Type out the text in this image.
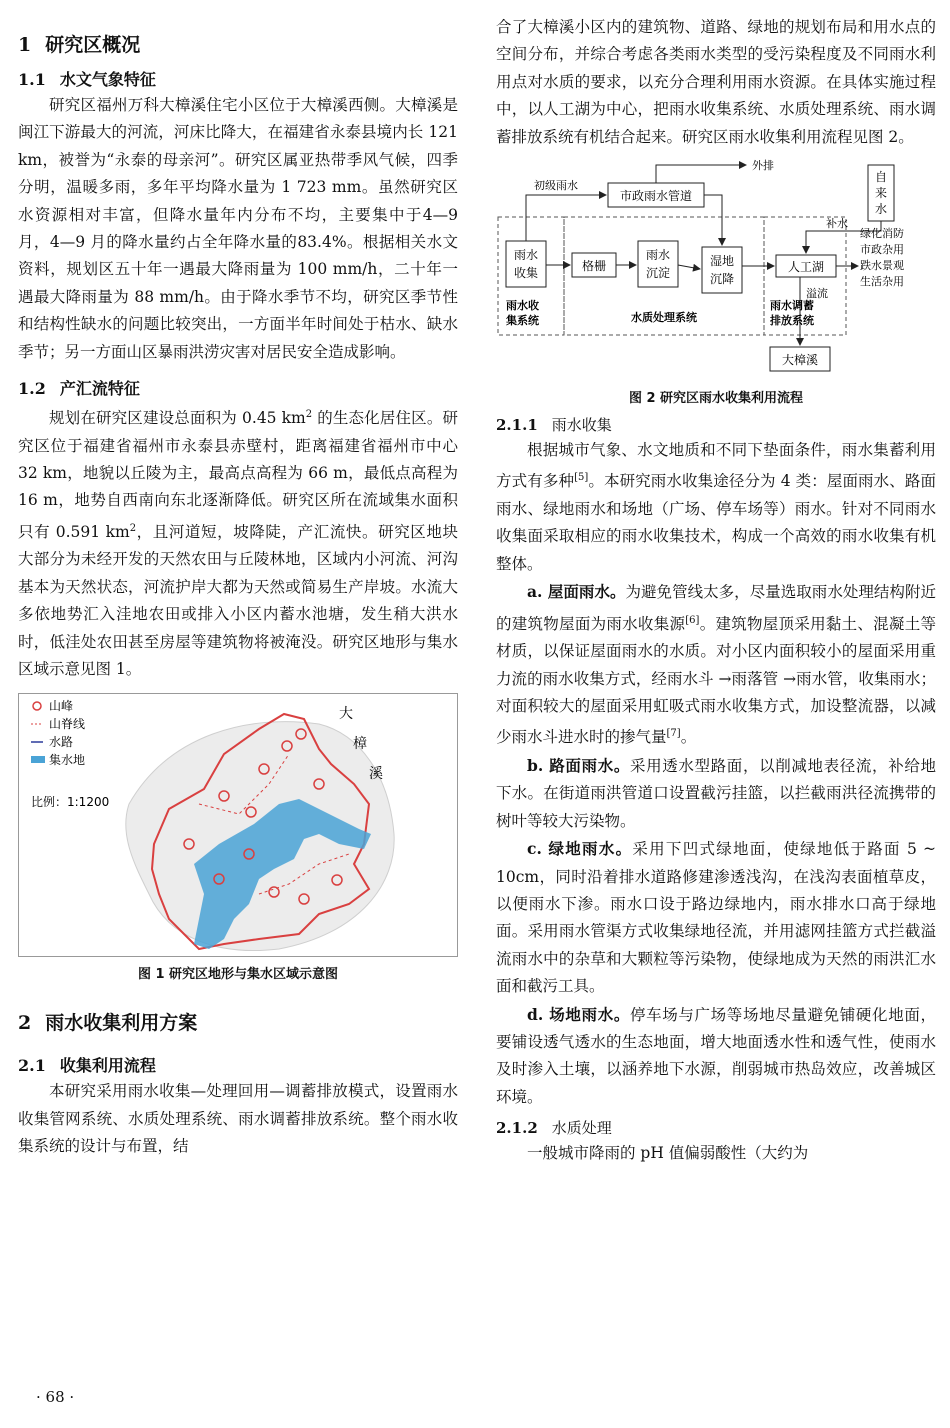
1 研究区概况
1.1 水文气象特征

研究区福州万科大樟溪住宅小区位于大樟溪西侧。大樟溪是闽江下游最大的河流，河床比降大，在福建省永泰县境内长 121 km，被誉为“永泰的母亲河”。研究区属亚热带季风气候，四季分明，温暖多雨，多年平均降水量为 1 723 mm。虽然研究区水资源相对丰富，但降水量年内分布不均，主要集中于4—9 月，4—9 月的降水量约占全年降水量的83.4%。根据相关水文资料，规划区五十年一遇最大降雨量为 100 mm/h，二十年一遇最大降雨量为 88 mm/h。由于降水季节不均，研究区季节性和结构性缺水的问题比较突出，一方面半年时间处于枯水、缺水季节；另一方面山区暴雨洪涝灾害对居民安全造成影响。

1.2 产汇流特征

规划在研究区建设总面积为 0.45 $km^2$ 的生态化居住区。研究区位于福建省福州市永泰县赤壁村，距离福建省福州市中心 32 km，地貌以丘陵为主，最高点高程为 66 m，最低点高程为 16 m，地势自西南向东北逐渐降低。研究区所在流域集水面积只有 0.591 $km^2$，且河道短，坡降陡，产汇流快。研究区地块大部分为未经开发的天然农田与丘陵林地，区域内小河流、河沟基本为天然状态，河流护岸大都为天然或简易生产岸坡。水流大多依地势汇入洼地农田或排入小区内蓄水池塘，发生稍大洪水时，低洼处农田甚至房屋等建筑物将被淹没。研究区地形与集水区域示意见图 1。

山峰
山脊线
水路
集水地
比例：1:1200
大
樟
溪
图 1 研究区地形与集水区域示意图
2 雨水收集利用方案
2.1 收集利用流程

本研究采用雨水收集—处理回用—调蓄排放模式，设置雨水收集管网系统、水质处理系统、雨水调蓄排放系统。整个雨水收集系统的设计与布置，结

· 68 ·

合了大樟溪小区内的建筑物、道路、绿地的规划布局和用水点的空间分布，并综合考虑各类雨水类型的受污染程度及不同雨水利用点对水质的要求，以充分合理利用雨水资源。在具体实施过程中，以人工湖为中心，把雨水收集系统、水质处理系统、雨水调蓄排放系统有机结合起来。研究区雨水收集利用流程见图 2。

雨水
收集	格栅
雨水
沉淀
湿地
沉降
人工湖
市政雨水管道
自
来
水
大樟溪
初级雨水
外排
补水
溢流
绿化消防
市政杂用
跌水景观
生活杂用
雨水收
集系统	水质处理系统
雨水调蓄
排放系统
图 2 研究区雨水收集利用流程
2.1.1 雨水收集

根据城市气象、水文地质和不同下垫面条件，雨水集蓄利用方式有多种[5]。本研究雨水收集途径分为 4 类：屋面雨水、路面雨水、绿地雨水和场地（广场、停车场等）雨水。针对不同雨水收集面采取相应的雨水收集技术，构成一个高效的雨水收集有机整体。

a. 屋面雨水。为避免管线太多，尽量选取雨水处理结构附近的建筑物屋面为雨水收集源[6]。建筑物屋顶采用黏土、混凝土等材质，以保证屋面雨水的水质。对小区内面积较小的屋面采用重力流的雨水收集方式，经雨水斗 →雨落管 →雨水管，收集雨水；对面积较大的屋面采用虹吸式雨水收集方式，加设整流器，以减少雨水斗进水时的掺气量[7]。

b. 路面雨水。采用透水型路面，以削减地表径流，补给地下水。在街道雨洪管道口设置截污挂篮，以拦截雨洪径流携带的树叶等较大污染物。

c. 绿地雨水。采用下凹式绿地面，使绿地低于路面 5 ~ 10cm，同时沿着排水道路修建渗透浅沟，在浅沟表面植草皮，以便雨水下渗。雨水口设于路边绿地内，雨水排水口高于绿地面。采用雨水管渠方式收集绿地径流，并用滤网挂篮方式拦截溢流雨水中的杂草和大颗粒等污染物，使绿地成为天然的雨洪汇水面和截污工具。

d. 场地雨水。停车场与广场等场地尽量避免铺硬化地面，要铺设透气透水的生态地面，增大地面透水性和透气性，使雨水及时渗入土壤，以涵养地下水源，削弱城市热岛效应，改善城区环境。

2.1.2 水质处理

一般城市降雨的 pH 值偏弱酸性（大约为
